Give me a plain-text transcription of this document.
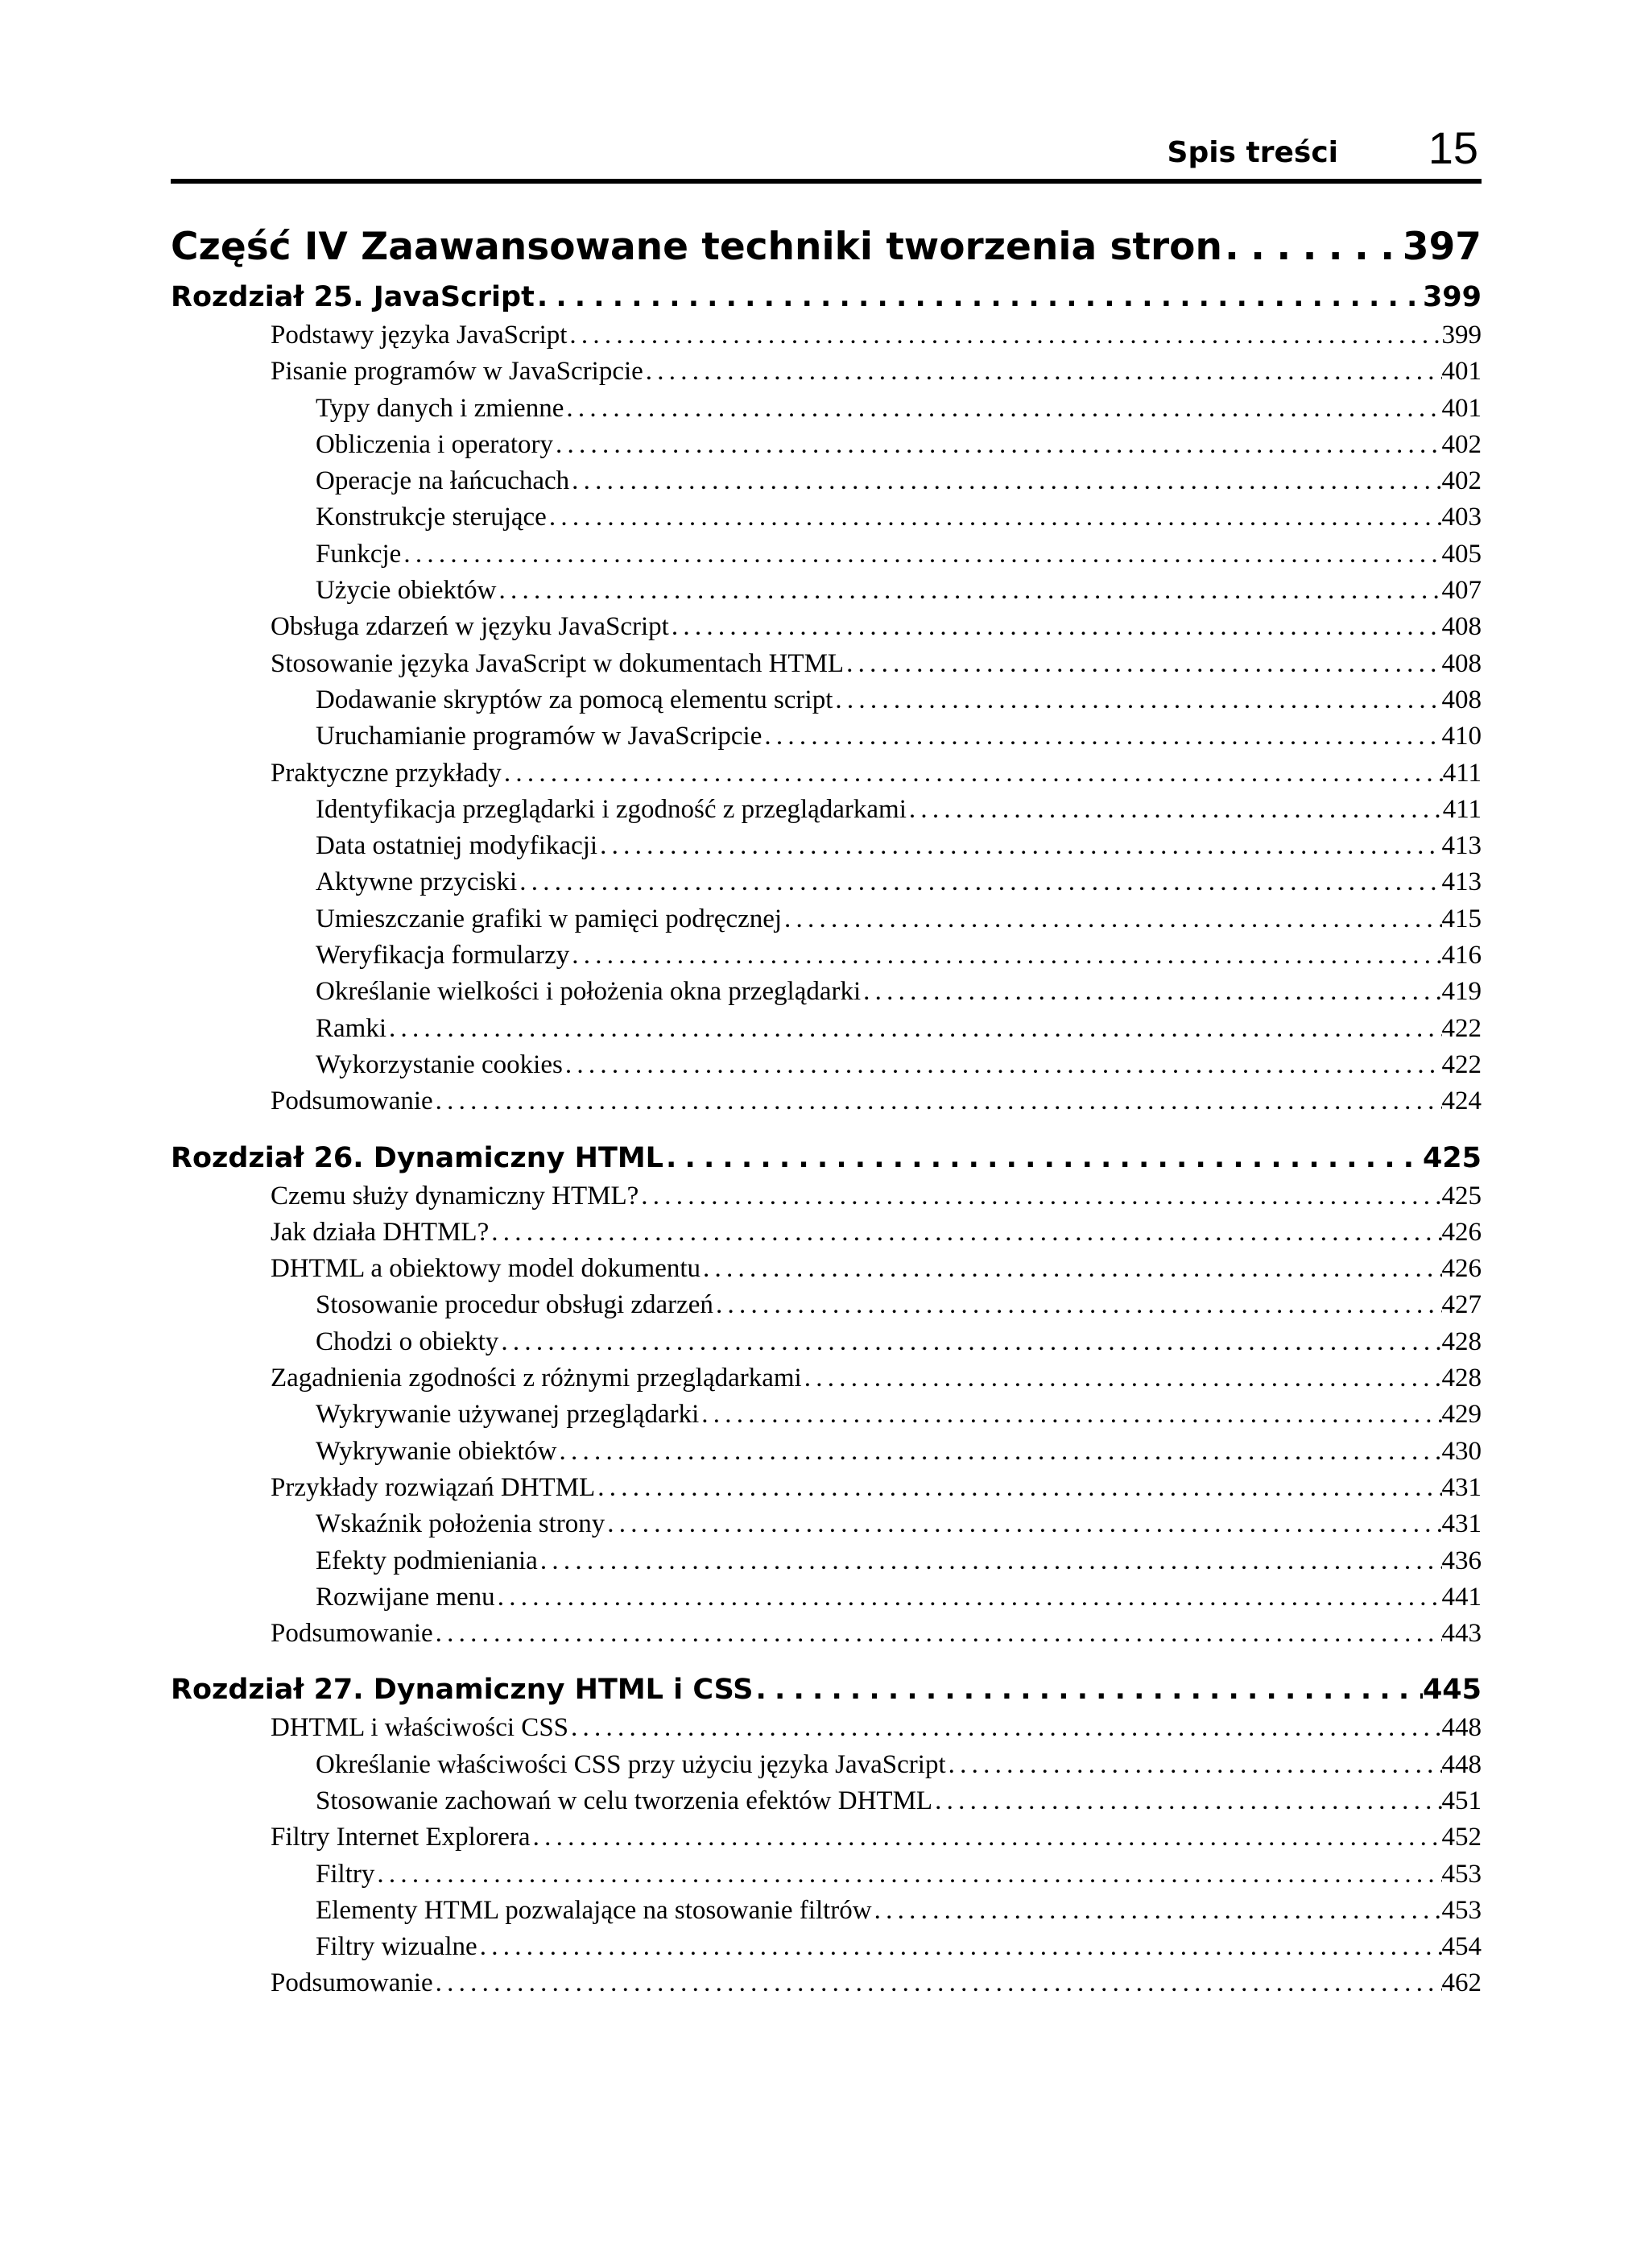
Spis treści 15
Część IV Zaawansowane techniki tworzenia stron . . .	397
Rozdział 25. JavaScript . . .	399
Podstawy języka JavaScript . . .	399
Pisanie programów w JavaScripcie . . .	401
Typy danych i zmienne . . .	401
Obliczenia i operatory . . .	402
Operacje na łańcuchach . . .	402
Konstrukcje sterujące . . .	403
Funkcje . . .	405
Użycie obiektów . . .	407
Obsługa zdarzeń w języku JavaScript . . .	408
Stosowanie języka JavaScript w dokumentach HTML . . .	408
Dodawanie skryptów za pomocą elementu script . . .	408
Uruchamianie programów w JavaScripcie . . .	410
Praktyczne przykłady . . .	411
Identyfikacja przeglądarki i zgodność z przeglądarkami . . .	411
Data ostatniej modyfikacji . . .	413
Aktywne przyciski . . .	413
Umieszczanie grafiki w pamięci podręcznej . . .	415
Weryfikacja formularzy . . .	416
Określanie wielkości i położenia okna przeglądarki . . .	419
Ramki . . .	422
Wykorzystanie cookies . . .	422
Podsumowanie . . .	424
Rozdział 26. Dynamiczny HTML . . .	425
Czemu służy dynamiczny HTML? . . .	425
Jak działa DHTML? . . .	426
DHTML a obiektowy model dokumentu . . .	426
Stosowanie procedur obsługi zdarzeń . . .	427
Chodzi o obiekty . . .	428
Zagadnienia zgodności z różnymi przeglądarkami . . .	428
Wykrywanie używanej przeglądarki . . .	429
Wykrywanie obiektów . . .	430
Przykłady rozwiązań DHTML . . .	431
Wskaźnik położenia strony . . .	431
Efekty podmieniania . . .	436
Rozwijane menu . . .	441
Podsumowanie . . .	443
Rozdział 27. Dynamiczny HTML i CSS . . .	445
DHTML i właściwości CSS . . .	448
Określanie właściwości CSS przy użyciu języka JavaScript . . .	448
Stosowanie zachowań w celu tworzenia efektów DHTML . . .	451
Filtry Internet Explorera . . .	452
Filtry . . .	453
Elementy HTML pozwalające na stosowanie filtrów . . .	453
Filtry wizualne . . .	454
Podsumowanie . . .	462
